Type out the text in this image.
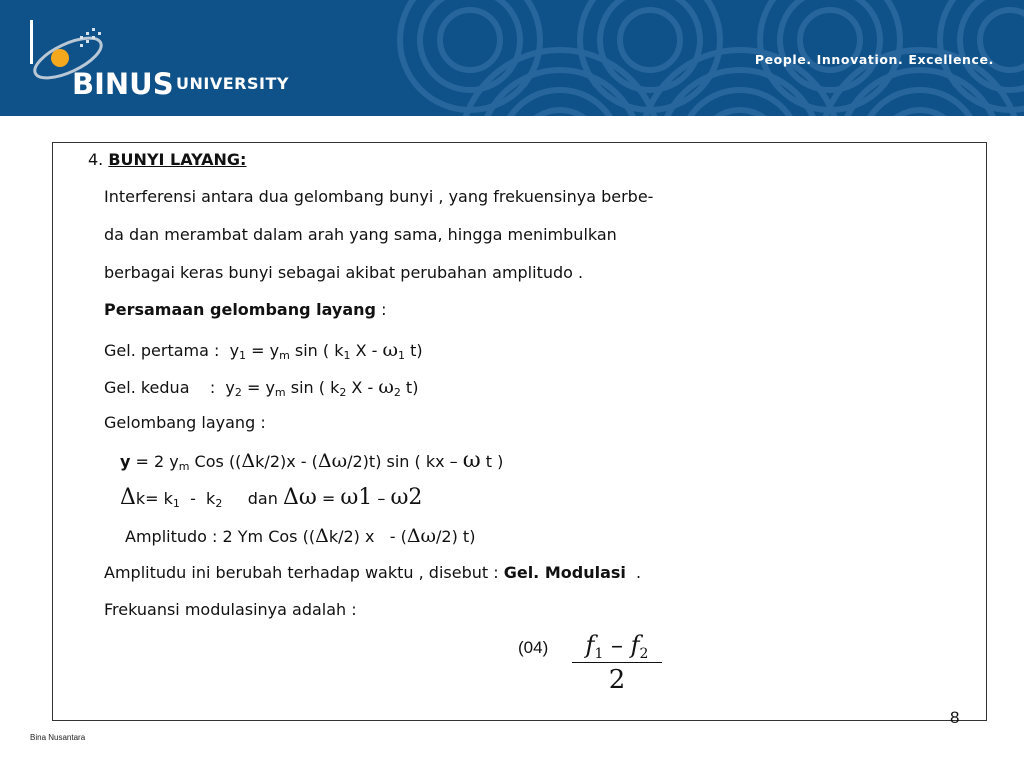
BINUS UNIVERSITY
People. Innovation. Excellence.
4. BUNYI LAYANG:
Interferensi antara dua gelombang bunyi , yang frekuensinya berbe-
da dan merambat dalam arah yang sama, hingga menimbulkan
berbagai keras bunyi sebagai akibat perubahan amplitudo .
Persamaan gelombang layang :
Gel. pertama : $y_1 = y_m$ sin ( $k_1$ X - $\omega_1$ t)
Gel. kedua    : $y_2 = y_m$ sin ( $k_2$ X - $\omega_2$ t)
Gelombang layang :
y = 2 $y_m$ Cos ((Δk/2)x - (Δω/2)t) sin ( kx – ω t )
$\Delta k= k_1 - k_2$     dan Δω = ω1 – ω2
Amplitudo : 2 Ym Cos ((Δk/2) x   - (Δω/2) t)
Amplitudu ini berubah terhadap waktu , disebut : Gel. Modulasi  .
Frekuansi modulasinya adalah :
(04)	$f_1 - f_2$
2
8
Bina Nusantara
